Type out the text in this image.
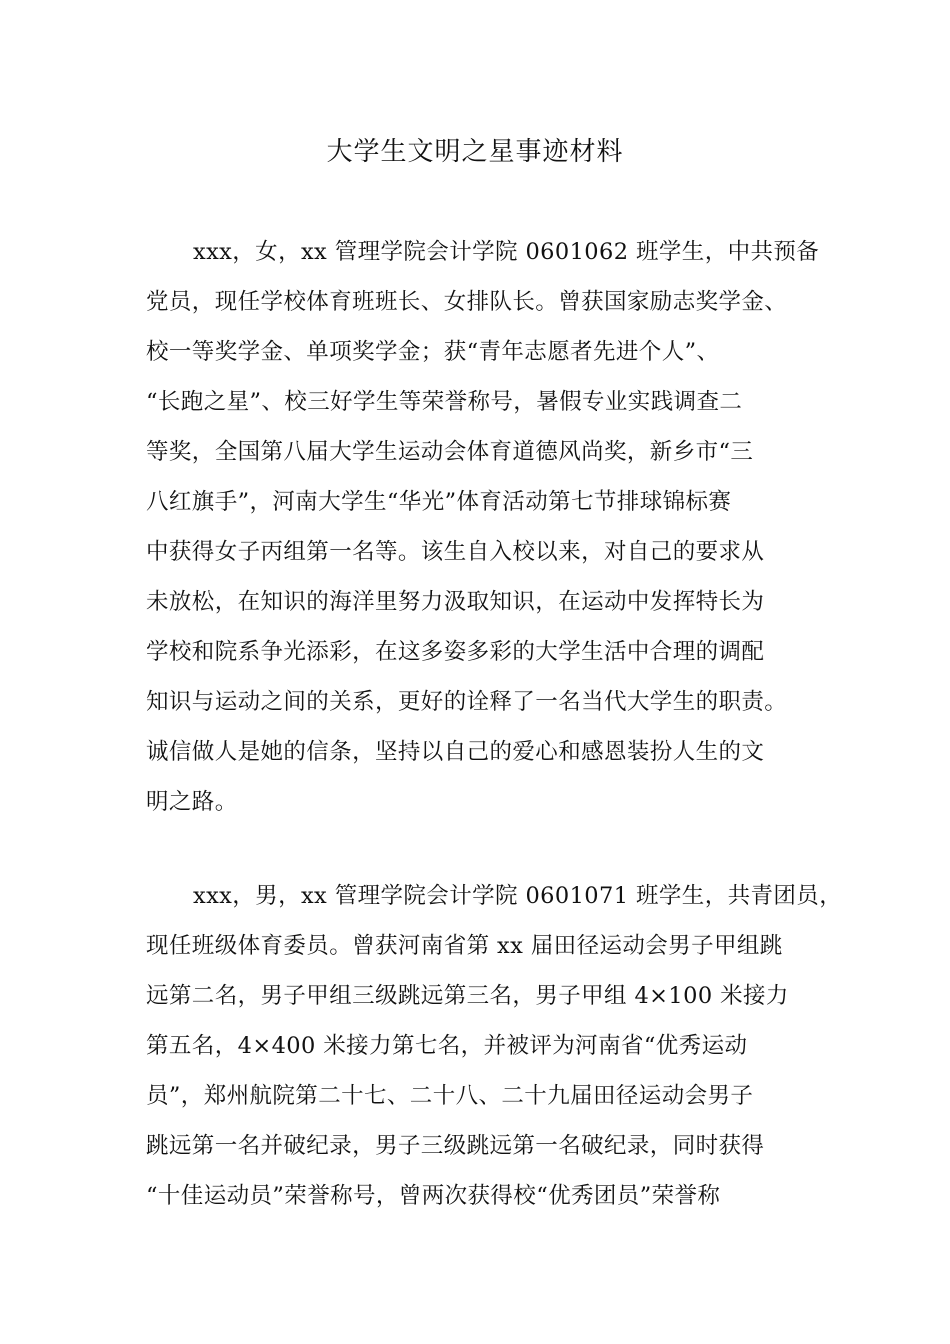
大学生文明之星事迹材料

xxx，女，xx 管理学院会计学院 0601062 班学生，中共预备
党员，现任学校体育班班长、女排队长。曾获国家励志奖学金、
校一等奖学金、单项奖学金；获“青年志愿者先进个人”、
“长跑之星”、校三好学生等荣誉称号，暑假专业实践调查二
等奖，全国第八届大学生运动会体育道德风尚奖，新乡市“三
八红旗手”，河南大学生“华光”体育活动第七节排球锦标赛
中获得女子丙组第一名等。该生自入校以来，对自己的要求从
未放松，在知识的海洋里努力汲取知识，在运动中发挥特长为
学校和院系争光添彩，在这多姿多彩的大学生活中合理的调配
知识与运动之间的关系，更好的诠释了一名当代大学生的职责。
诚信做人是她的信条，坚持以自己的爱心和感恩装扮人生的文
明之路。

xxx，男，xx 管理学院会计学院 0601071 班学生，共青团员，
现任班级体育委员。曾获河南省第 xx 届田径运动会男子甲组跳
远第二名，男子甲组三级跳远第三名，男子甲组 4×100 米接力
第五名，4×400 米接力第七名，并被评为河南省“优秀运动
员”，郑州航院第二十七、二十八、二十九届田径运动会男子
跳远第一名并破纪录，男子三级跳远第一名破纪录，同时获得
“十佳运动员”荣誉称号，曾两次获得校“优秀团员”荣誉称
